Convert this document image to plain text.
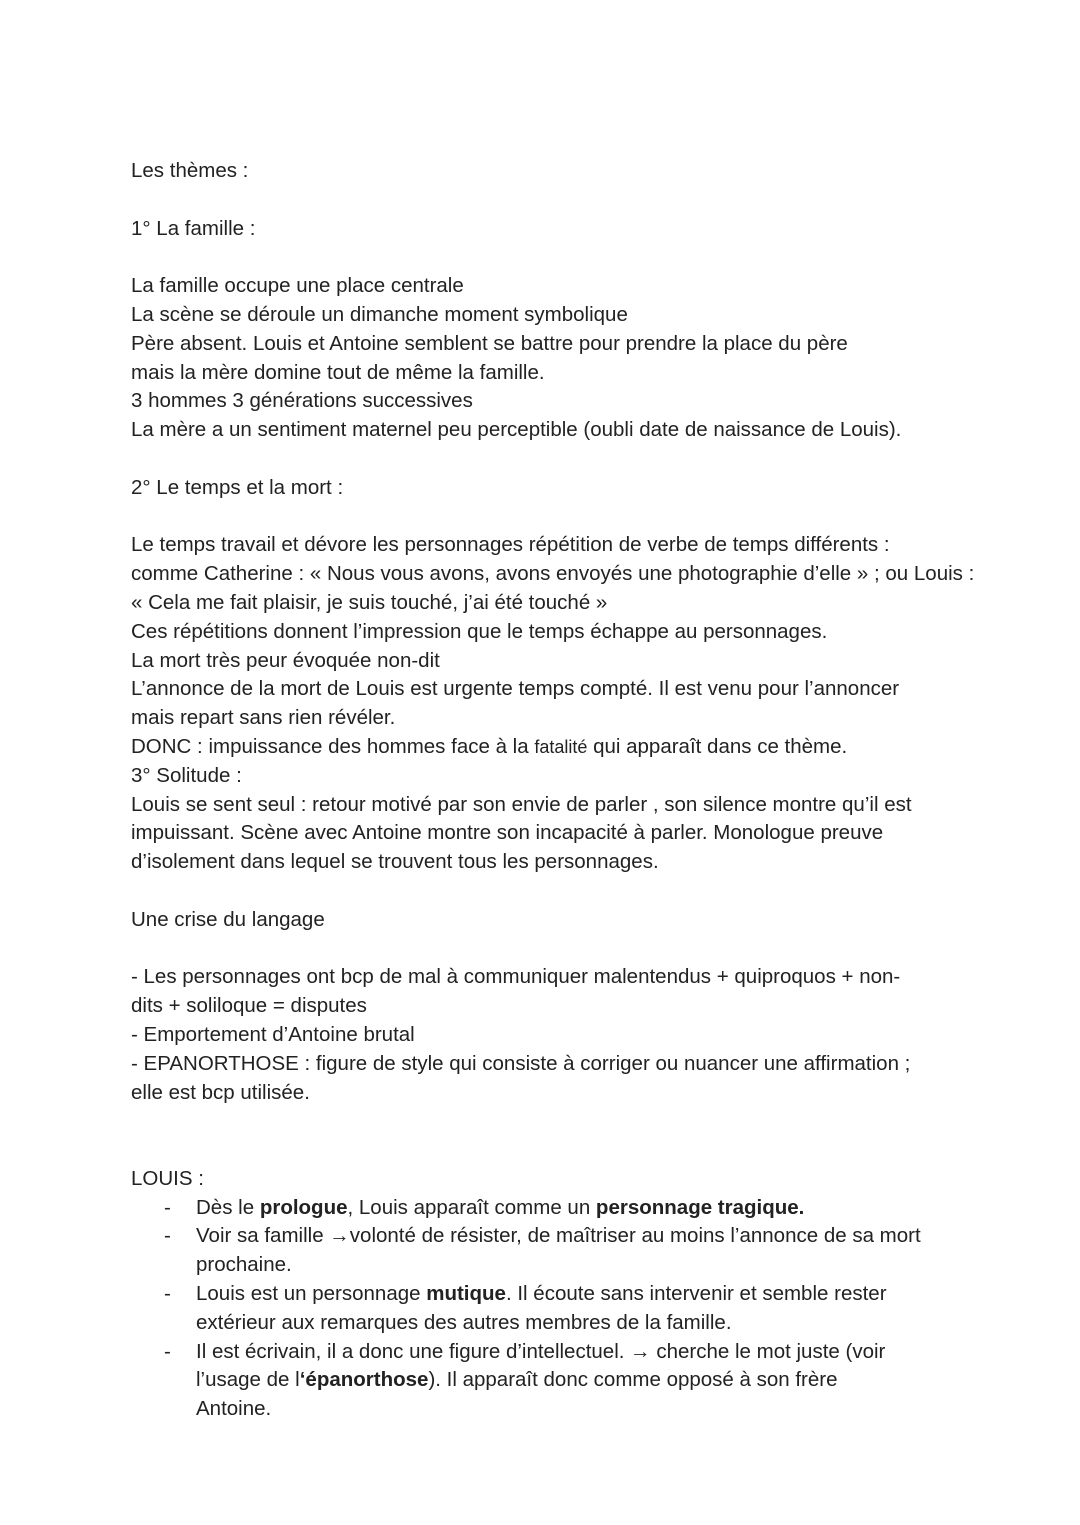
Les thèmes :

1° La famille :

La famille occupe une place centrale

La scène se déroule un dimanche moment symbolique

Père absent. Louis et Antoine semblent se battre pour prendre la place du père

mais la mère domine tout de même la famille.

3 hommes 3 générations successives

La mère a un sentiment maternel peu perceptible (oubli date de naissance de Louis).

2° Le temps et la mort :

Le temps travail et dévore les personnages répétition de verbe de temps différents :

comme Catherine : « Nous vous avons, avons envoyés une photographie d’elle » ; ou Louis :

« Cela me fait plaisir, je suis touché, j’ai été touché »

Ces répétitions donnent l’impression que le temps échappe au personnages.

La mort très peur évoquée non-dit

L’annonce de la mort de Louis est urgente temps compté. Il est venu pour l’annoncer

mais repart sans rien révéler.

DONC : impuissance des hommes face à la fatalité qui apparaît dans ce thème.

3° Solitude :

Louis se sent seul : retour motivé par son envie de parler , son silence montre qu’il est

impuissant. Scène avec Antoine montre son incapacité à parler. Monologue preuve

d’isolement dans lequel se trouvent tous les personnages.

Une crise du langage

- Les personnages ont bcp de mal à communiquer malentendus + quiproquos + non-

dits + soliloque = disputes

- Emportement d’Antoine brutal

- EPANORTHOSE : figure de style qui consiste à corriger ou nuancer une affirmation ;

elle est bcp utilisée.

LOUIS :

- Dès le prologue, Louis apparaît comme un personnage tragique.

- Voir sa famille →volonté de résister, de maîtriser au moins l’annonce de sa mort

prochaine.

- Louis est un personnage mutique. Il écoute sans intervenir et semble rester

extérieur aux remarques des autres membres de la famille.

- Il est écrivain, il a donc une figure d’intellectuel. → cherche le mot juste (voir

l’usage de l‘épanorthose). Il apparaît donc comme opposé à son frère

Antoine.
